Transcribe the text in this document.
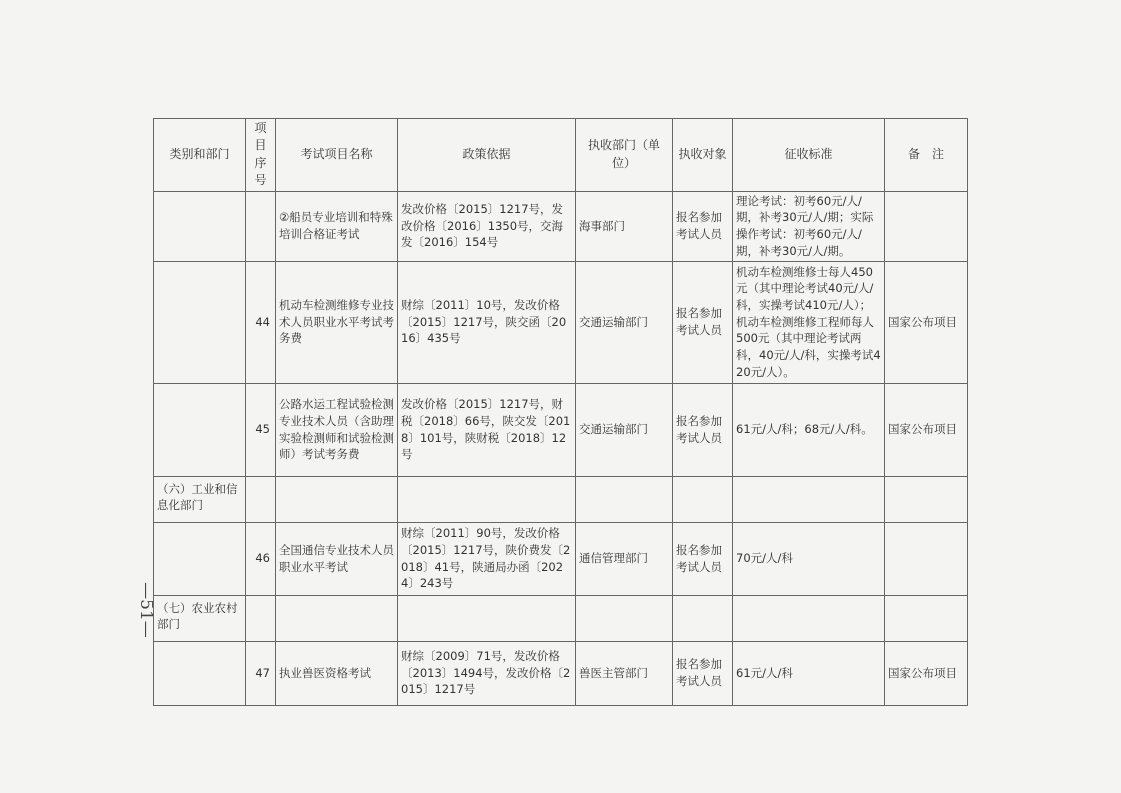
—51—
类别和部门	项目序号	考试项目名称	政策依据	执收部门（单位）	执收对象	征收标准	备　注
		②船员专业培训和特殊培训合格证考试	发改价格〔2015〕1217号，发改价格〔2016〕1350号，交海发〔2016〕154号	海事部门	报名参加考试人员	理论考试：初考60元/人/期，补考30元/人/期；实际操作考试：初考60元/人/期，补考30元/人/期。	
	44	机动车检测维修专业技术人员职业水平考试考务费	财综〔2011〕10号，发改价格〔2015〕1217号，陕交函〔2016〕435号	交通运输部门	报名参加考试人员	机动车检测维修士每人450元（其中理论考试40元/人/科，实操考试410元/人）；机动车检测维修工程师每人500元（其中理论考试两科，40元/人/科，实操考试420元/人）。	国家公布项目
	45	公路水运工程试验检测专业技术人员（含助理实验检测师和试验检测师）考试考务费	发改价格〔2015〕1217号，财税〔2018〕66号，陕交发〔2018〕101号，陕财税〔2018〕12号	交通运输部门	报名参加考试人员	61元/人/科；68元/人/科。	国家公布项目
（六）工业和信息化部门							
	46	全国通信专业技术人员职业水平考试	财综〔2011〕90号，发改价格〔2015〕1217号，陕价费发〔2018〕41号，陕通局办函〔2024〕243号	通信管理部门	报名参加考试人员	70元/人/科	
（七）农业农村部门							
	47	执业兽医资格考试	财综〔2009〕71号，发改价格〔2013〕1494号，发改价格〔2015〕1217号	兽医主管部门	报名参加考试人员	61元/人/科	国家公布项目
